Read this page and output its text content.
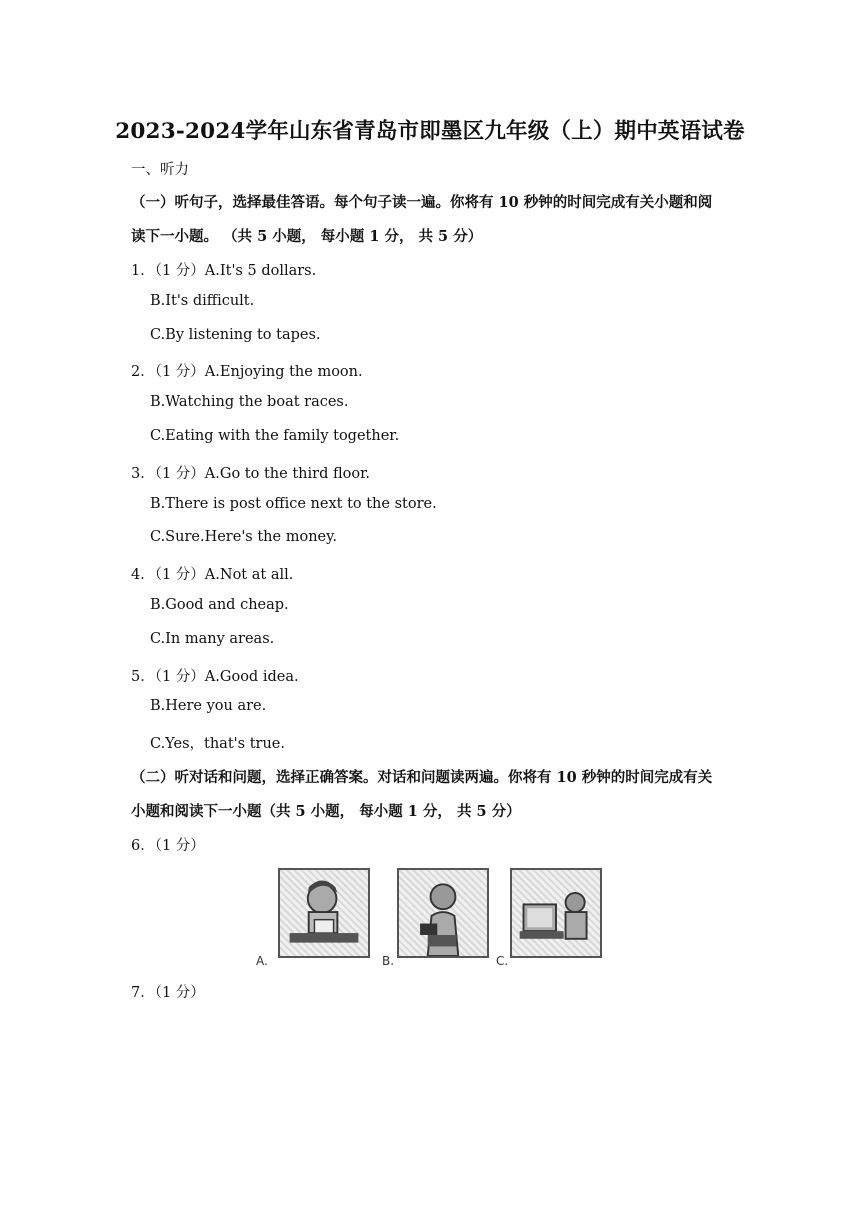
2023-2024学年山东省青岛市即墨区九年级（上）期中英语试卷
一、听力
（一）听句子，选择最佳答语。每个句子读一遍。你将有 10 秒钟的时间完成有关小题和阅
读下一小题。 （共 5 小题， 每小题 1 分， 共 5 分）
1．（1 分）A.It's 5 dollars.
B.It's difficult.
C.By listening to tapes.
2．（1 分）A.Enjoying the moon.
B.Watching the boat races.
C.Eating with the family together.
3．（1 分）A.Go to the third floor.
B.There is post office next to the store.
C.Sure.Here's the money.
4．（1 分）A.Not at all.
B.Good and cheap.
C.In many areas.
5．（1 分）A.Good idea.
B.Here you are.
C.Yes，that's true.
（二）听对话和问题，选择正确答案。对话和问题读两遍。你将有 10 秒钟的时间完成有关
小题和阅读下一小题（共 5 小题， 每小题 1 分， 共 5 分）
6．（1 分）
A.	B.	C.
7．（1 分）
